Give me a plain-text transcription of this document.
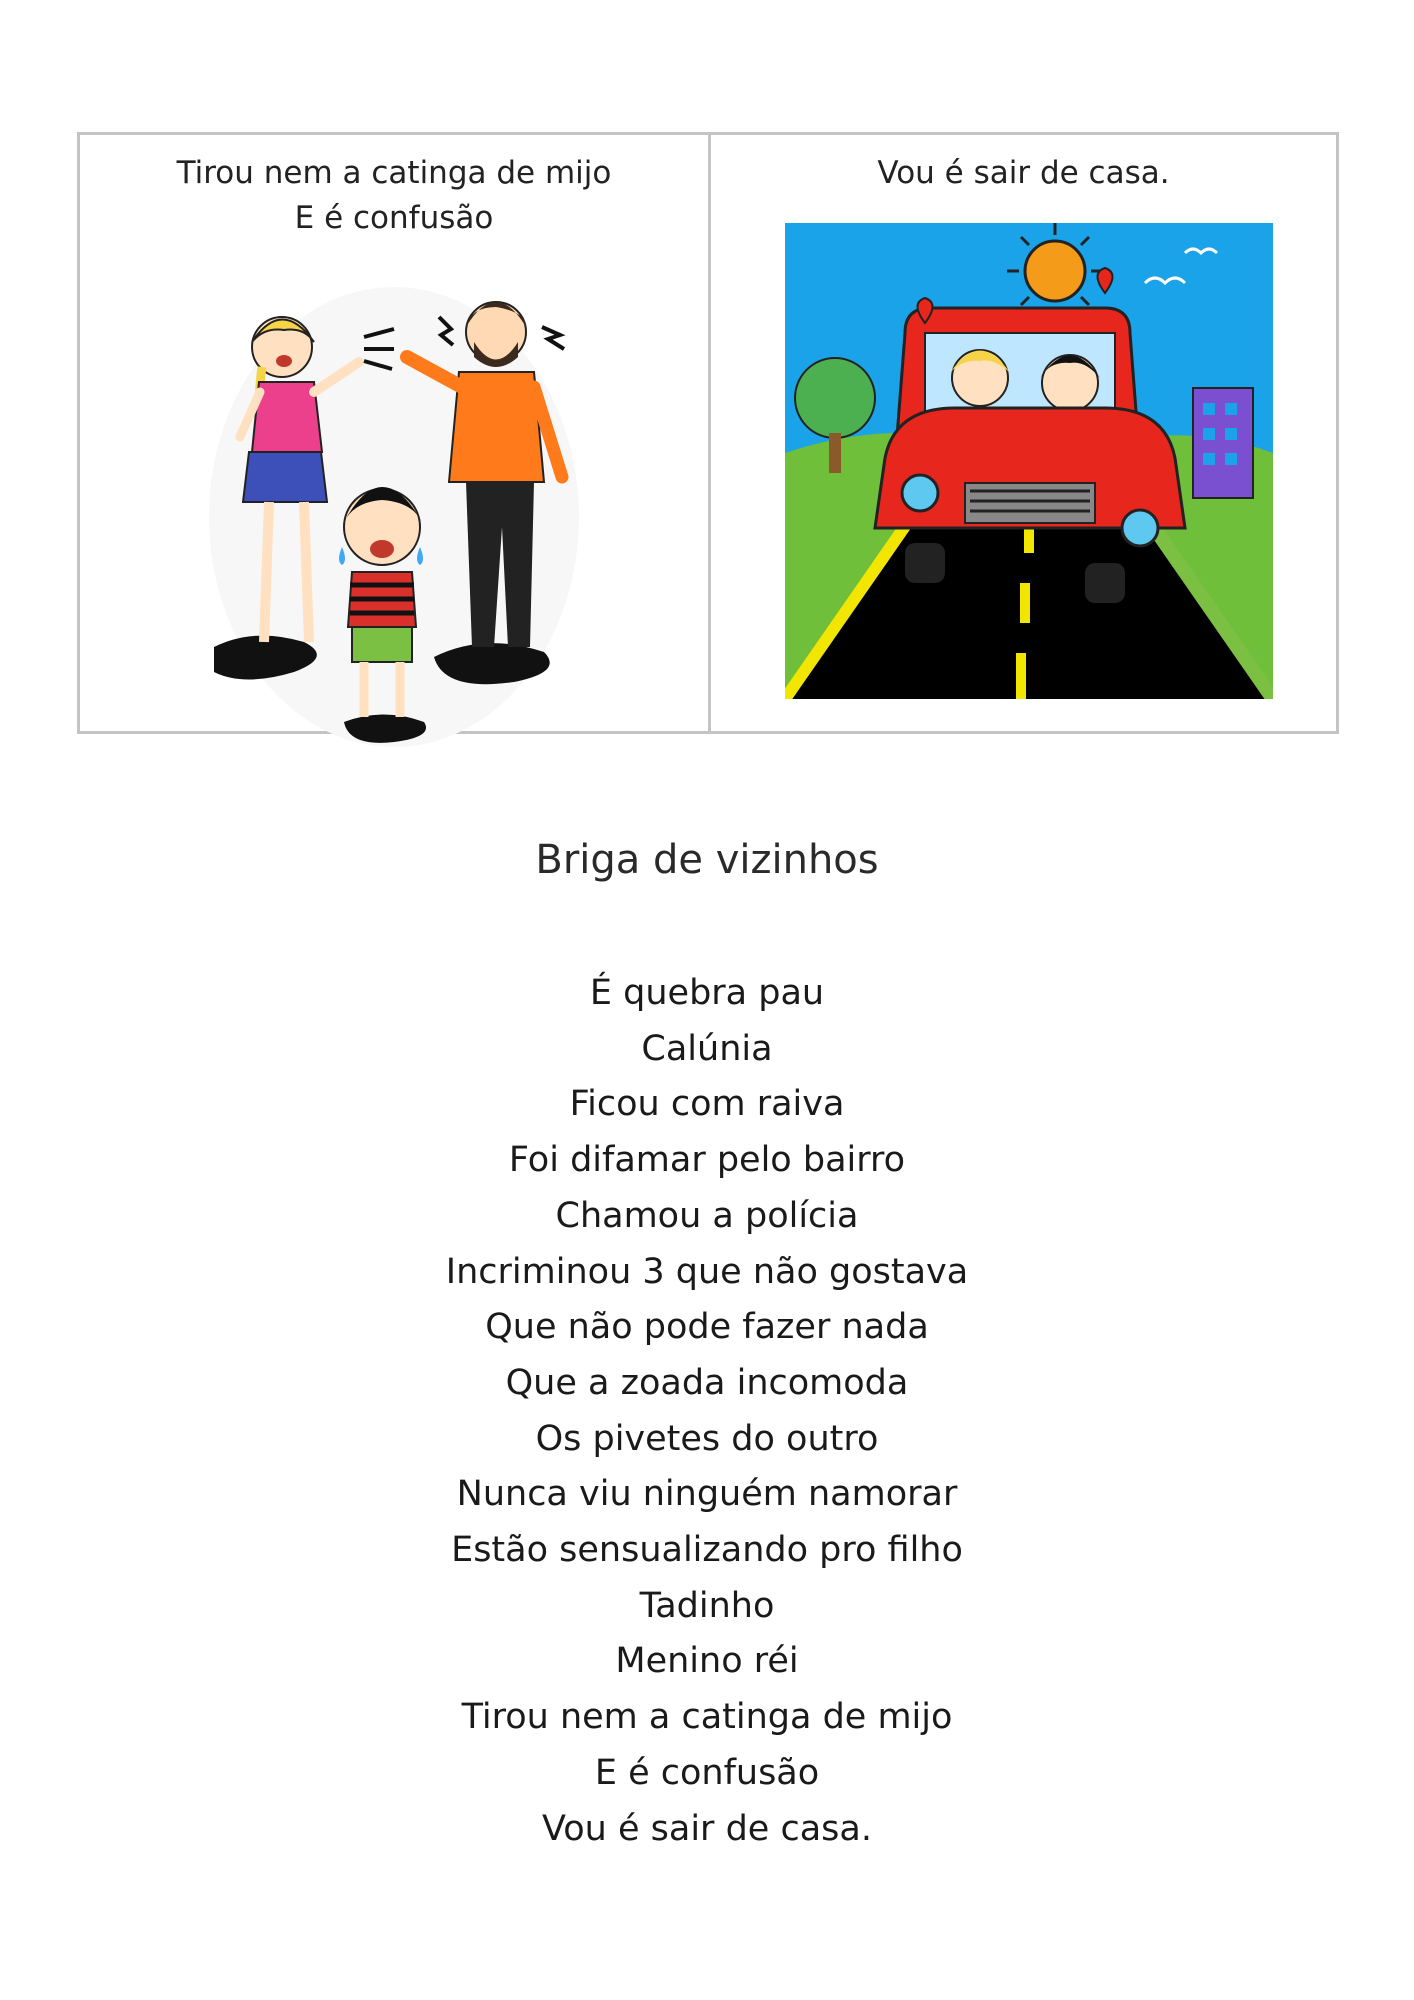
Tirou nem a catinga de mijo
E é confusão
Vou é sair de casa.
Briga de vizinhos
É quebra pau
Calúnia
Ficou com raiva
Foi difamar pelo bairro
Chamou a polícia
Incriminou 3 que não gostava
Que não pode fazer nada
Que a zoada incomoda
Os pivetes do outro
Nunca viu ninguém namorar
Estão sensualizando pro filho
Tadinho
Menino réi
Tirou nem a catinga de mijo
E é confusão
Vou é sair de casa.
